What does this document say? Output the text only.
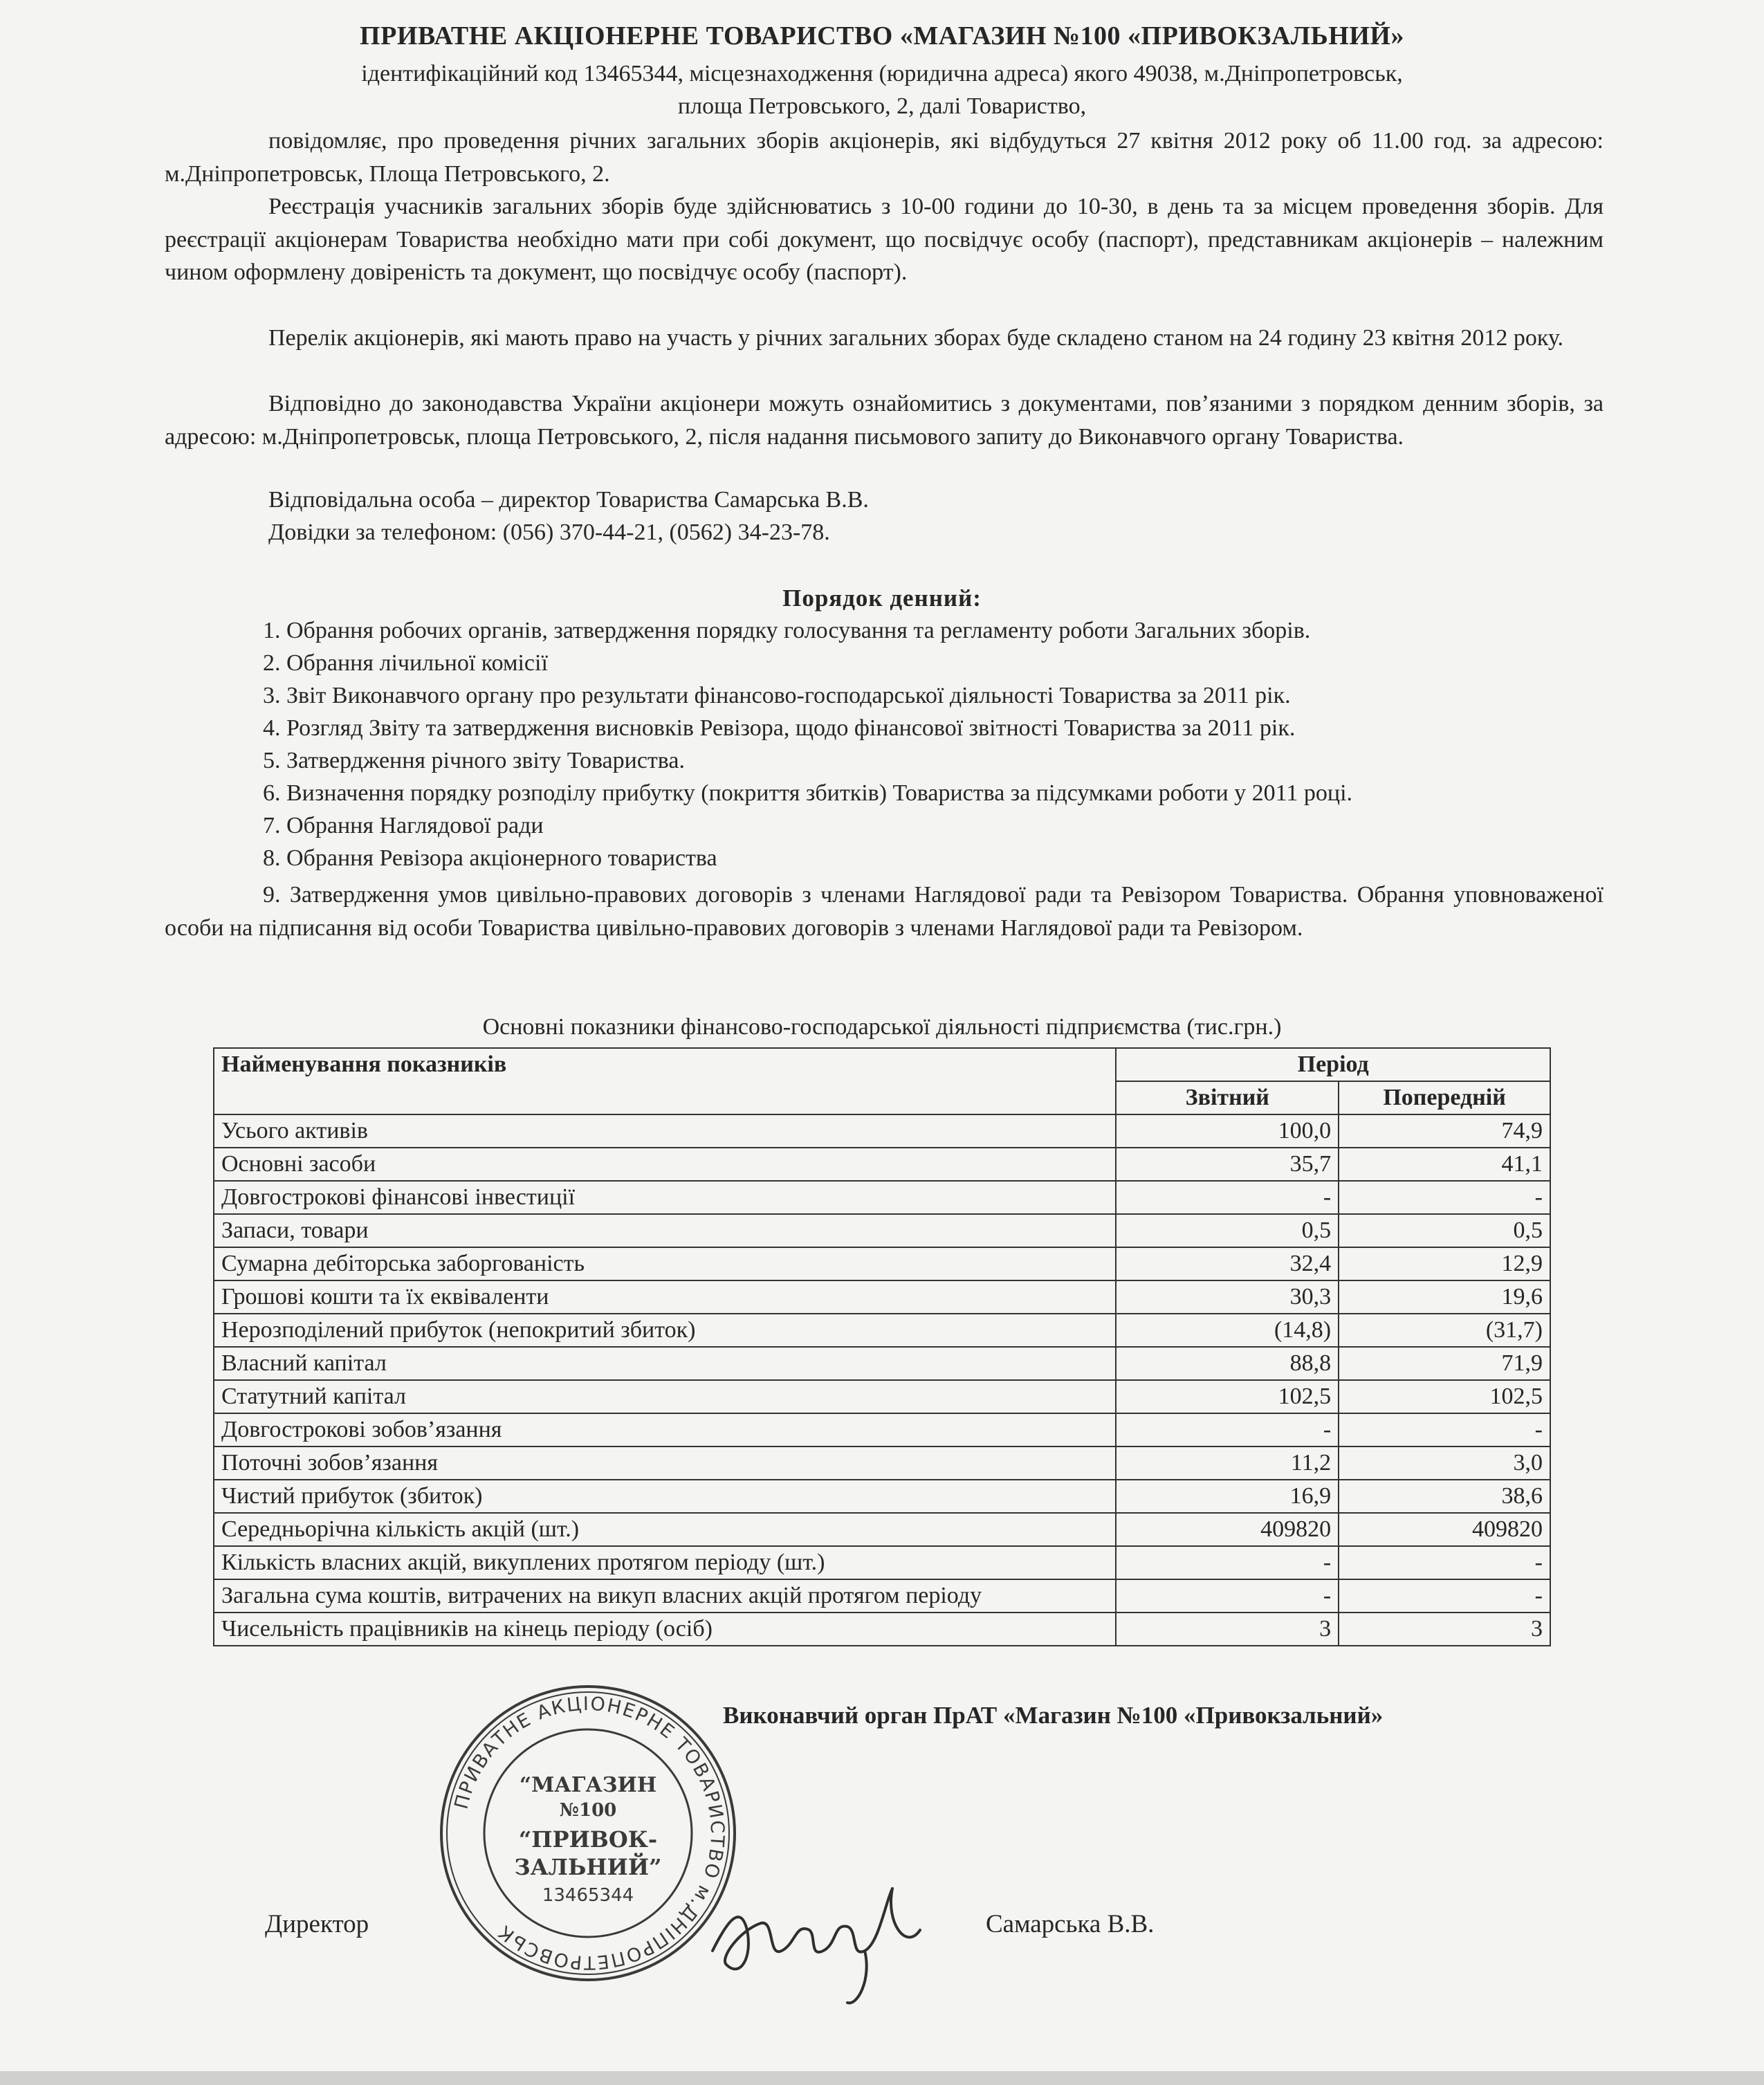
ПРИВАТНЕ АКЦІОНЕРНЕ ТОВАРИСТВО «МАГАЗИН №100 «ПРИВОКЗАЛЬНИЙ»
ідентифікаційний код 13465344, місцезнаходження (юридична адреса) якого 49038, м.Дніпропетровськ,
площа Петровського, 2, далі Товариство,
повідомляє, про проведення річних загальних зборів акціонерів, які відбудуться 27 квітня 2012 року об 11.00 год. за адресою: м.Дніпропетровськ, Площа Петровського, 2.
Реєстрація учасників загальних зборів буде здійснюватись з 10-00 години до 10-30, в день та за місцем проведення зборів. Для реєстрації акціонерам Товариства необхідно мати при собі документ, що посвідчує особу (паспорт), представникам акціонерів – належним чином оформлену довіреність та документ, що посвідчує особу (паспорт).
Перелік акціонерів, які мають право на участь у річних загальних зборах буде складено станом на 24 годину 23 квітня 2012 року.
Відповідно до законодавства України акціонери можуть ознайомитись з документами, пов’язаними з порядком денним зборів, за адресою: м.Дніпропетровськ, площа Петровського, 2, після надання письмового запиту до Виконавчого органу Товариства.
Відповідальна особа – директор Товариства Самарська В.В.
Довідки за телефоном: (056) 370-44-21, (0562) 34-23-78.
Порядок денний:
1. Обрання робочих органів, затвердження порядку голосування та регламенту роботи Загальних зборів.
2. Обрання лічильної комісії
3. Звіт Виконавчого органу про результати фінансово-господарської діяльності Товариства за 2011 рік.
4. Розгляд Звіту та затвердження висновків Ревізора, щодо фінансової звітності Товариства за 2011 рік.
5. Затвердження річного звіту Товариства.
6. Визначення порядку розподілу прибутку (покриття збитків) Товариства за підсумками роботи у 2011 році.
7. Обрання Наглядової ради
8. Обрання Ревізора акціонерного товариства
9. Затвердження умов цивільно-правових договорів з членами Наглядової ради та Ревізором Товариства. Обрання уповноваженої особи на підписання від особи Товариства цивільно-правових договорів з членами Наглядової ради та Ревізором.
Основні показники фінансово-господарської діяльності підприємства (тис.грн.)
Найменування показників	Період	
	Звітний	Попередній
Усього активів	100,0	74,9
Основні засоби	35,7	41,1
Довгострокові фінансові інвестиції	-	-
Запаси, товари	0,5	0,5
Сумарна дебіторська заборгованість	32,4	12,9
Грошові кошти та їх еквіваленти	30,3	19,6
Нерозподілений прибуток (непокритий збиток)	(14,8)	(31,7)
Власний капітал	88,8	71,9
Статутний капітал	102,5	102,5
Довгострокові зобов’язання	-	-
Поточні зобов’язання	11,2	3,0
Чистий прибуток (збиток)	16,9	38,6
Середньорічна кількість акцій (шт.)	409820	409820
Кількість власних акцій, викуплених протягом періоду (шт.)	-	-
Загальна сума коштів, витрачених на викуп власних акцій протягом періоду	-	-
Чисельність працівників на кінець періоду (осіб)	3	3
Виконавчий орган ПрАТ «Магазин №100 «Привокзальний»
ПРИВАТНЕ АКЦІОНЕРНЕ ТОВАРИСТВО м.ДНІПРОПЕТРОВСЬК
“МАГАЗИН
№100
“ПРИВОК-
ЗАЛЬНИЙ”
13465344
Директор	Самарська В.В.
